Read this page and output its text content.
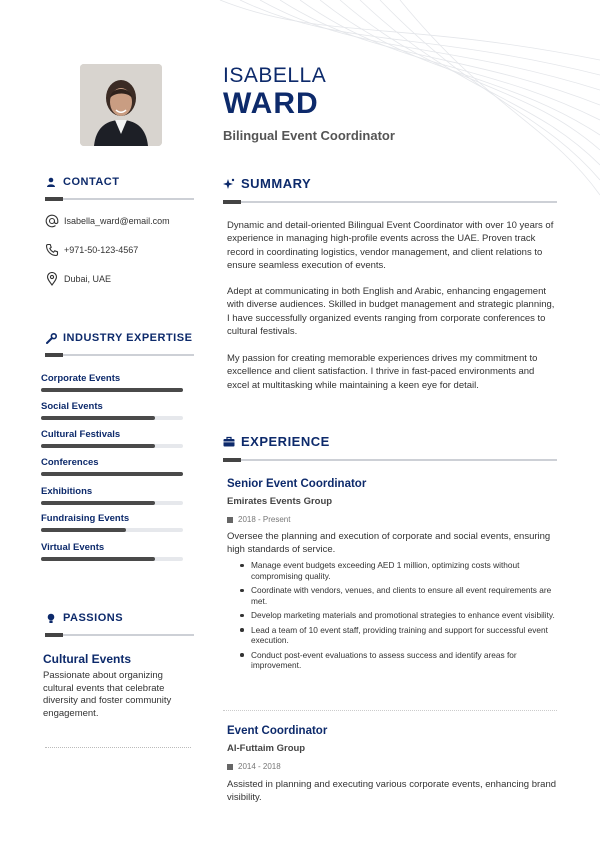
ISABELLA
WARD
Bilingual Event Coordinator
CONTACT
Isabella_ward@email.com
+971-50-123-4567
Dubai, UAE
INDUSTRY EXPERTISE
Corporate Events
Social Events
Cultural Festivals
Conferences
Exhibitions
Fundraising Events
Virtual Events
PASSIONS
Cultural Events
Passionate about organizing cultural events that celebrate diversity and foster community engagement.
SUMMARY

Dynamic and detail-oriented Bilingual Event Coordinator with over 10 years of experience in managing high-profile events across the UAE. Proven track record in coordinating logistics, vendor management, and client relations to ensure seamless execution of events.

Adept at communicating in both English and Arabic, enhancing engagement with diverse audiences. Skilled in budget management and strategic planning, I have successfully organized events ranging from corporate conferences to cultural festivals.

My passion for creating memorable experiences drives my commitment to excellence and client satisfaction. I thrive in fast-paced environments and excel at multitasking while maintaining a keen eye for detail.

EXPERIENCE
Senior Event Coordinator
Emirates Events Group
2018 - Present

Oversee the planning and execution of corporate and social events, ensuring high standards of service.

Manage event budgets exceeding AED 1 million, optimizing costs without compromising quality.
Coordinate with vendors, venues, and clients to ensure all event requirements are met.
Develop marketing materials and promotional strategies to enhance event visibility.
Lead a team of 10 event staff, providing training and support for successful event execution.
Conduct post-event evaluations to assess success and identify areas for improvement.
Event Coordinator
Al-Futtaim Group
2014 - 2018

Assisted in planning and executing various corporate events, enhancing brand visibility.
